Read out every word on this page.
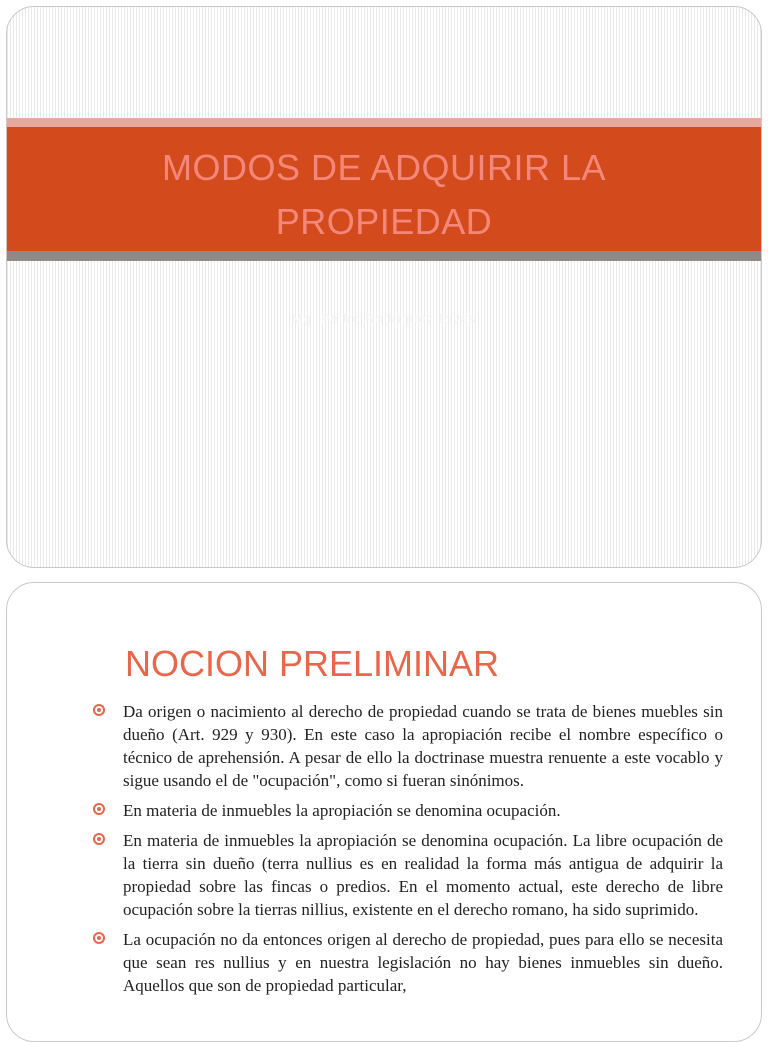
MODOS DE ADQUIRIR LA PROPIEDAD
Mg. Pedro Rodríguez Rivas
NOCION PRELIMINAR
Da origen o nacimiento al derecho de propiedad cuando se trata de bienes muebles sin dueño (Art. 929 y 930). En este caso la apropiación recibe el nombre específico o técnico de aprehensión. A pesar de ello la doctrinase muestra renuente a este vocablo y sigue usando el de "ocupación", como si fueran sinónimos.
En materia de inmuebles la apropiación se denomina ocupación.
En materia de inmuebles la apropiación se denomina ocupación. La libre ocupación de la tierra sin dueño (terra nullius es en realidad la forma más antigua de adquirir la propiedad sobre las fincas o predios. En el momento actual, este derecho de libre ocupación sobre la tierras nillius, existente en el derecho romano, ha sido suprimido.
La ocupación no da entonces origen al derecho de propiedad, pues para ello se necesita que sean res nullius y en nuestra legislación no hay bienes inmuebles sin dueño. Aquellos que son de propiedad particular,
